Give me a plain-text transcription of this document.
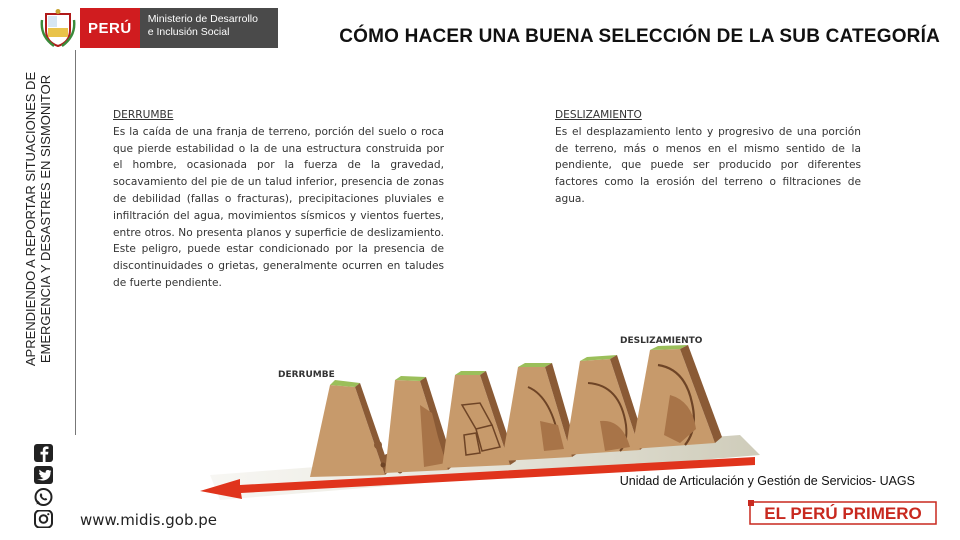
PERÚ
Ministerio de Desarrollo
e Inclusión Social	CÓMO HACER UNA BUENA SELECCIÓN DE LA SUB CATEGORÍA
APRENDIENDO A REPORTAR SITUACIONES DE EMERGENCIA Y DESASTRES EN SISMONITOR	DERRUMBE

Es la caída de una franja de terreno, porción del suelo o roca que pierde estabilidad o la de una estructura construida por el hombre, ocasionada por la fuerza de la gravedad, socavamiento del pie de un talud inferior, presencia de zonas de debilidad (fallas o fracturas), precipitaciones pluviales e infiltración del agua, movimientos sísmicos y vientos fuertes, entre otros. No presenta planos y superficie de deslizamiento. Este peligro, puede estar condicionado por la presencia de discontinuidades o grietas, generalmente ocurren en taludes de fuerte pendiente.

DESLIZAMIENTO

Es el desplazamiento lento y progresivo de una porción de terreno, más o menos en el mismo sentido de la pendiente, que puede ser producido por diferentes factores como la erosión del terreno o filtraciones de agua.

DERRUMBE
DESLIZAMIENTO
Unidad de Articulación y Gestión de Servicios- UAGS
www.midis.gob.pe	EL PERÚ PRIMERO
